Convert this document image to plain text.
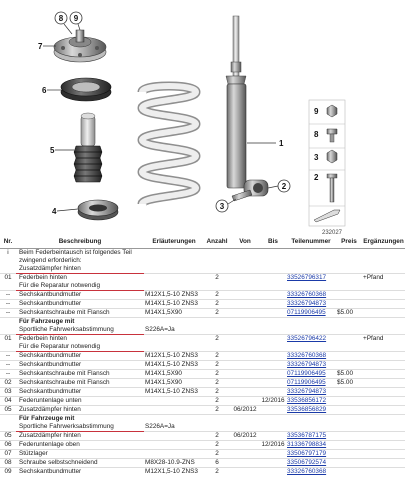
8 9
7
6
5
4
1
2
3
9
8
3
2
232027
Nr.	Beschreibung	Erläuterungen	Anzahl	Von	Bis	Teilenummer	Preis	Ergänzungen
i	Beim Federbeintausch ist folgendes Teil							
	zwingend erforderlich:							
	Zusatzdämpfer hinten							
01	Federbein hinten		2			33526796317		+Pfand
	Für die Reparatur notwendig							
--	Sechskantbundmutter	M12X1,5-10 ZNS3	2			33326760368		
--	Sechskantbundmutter	M14X1,5-10 ZNS3	2			33326794873		
--	Sechskantschraube mit Flansch	M14X1,5X90	2			07119906495	$5.00	
	Für Fahrzeuge mit							
	Sportliche Fahrwerksabstimmung	S226A=Ja						
01	Federbein hinten		2			33526796422		+Pfand
	Für die Reparatur notwendig							
--	Sechskantbundmutter	M12X1,5-10 ZNS3	2			33326760368		
--	Sechskantbundmutter	M14X1,5-10 ZNS3	2			33326794873		
--	Sechskantschraube mit Flansch	M14X1,5X90	2			07119906495	$5.00	
02	Sechskantschraube mit Flansch	M14X1,5X90	2			07119906495	$5.00	
03	Sechskantbundmutter	M14X1,5-10 ZNS3	2			33326794873		
04	Federuntenlage unten		2		12/2016	33536856172		
05	Zusatzdämpfer hinten		2	06/2012		33536856829		
	Für Fahrzeuge mit							
	Sportliche Fahrwerksabstimmung	S226A=Ja						
05	Zusatzdämpfer hinten		2	06/2012		33536787175		
06	Federuntenlage oben		2		12/2016	31336798834		
07	Stützlager		2			33506797179		
08	Schraube selbstschneidend	M8X28-10.9-ZNS	6			33506792574		
09	Sechskantbundmutter	M12X1,5-10 ZNS3	2			33326760368		
